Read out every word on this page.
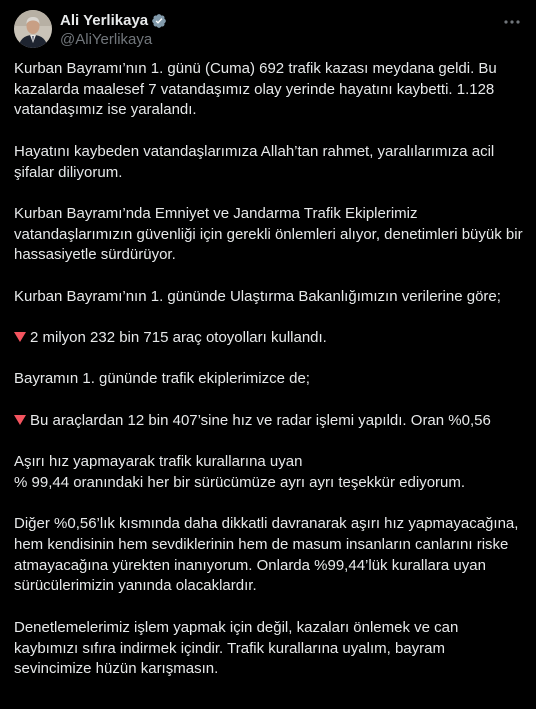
Ali Yerlikaya
@AliYerlikaya

Kurban Bayramı’nın 1. günü (Cuma) 692 trafik kazası meydana geldi. Bu kazalarda maalesef 7 vatandaşımız olay yerinde hayatını kaybetti. 1.128 vatandaşımız ise yaralandı.

Hayatını kaybeden vatandaşlarımıza Allah’tan rahmet, yaralılarımıza acil şifalar diliyorum.

Kurban Bayramı’nda Emniyet ve Jandarma Trafik Ekiplerimiz vatandaşlarımızın güvenliği için gerekli önlemleri alıyor, denetimleri büyük bir hassasiyetle sürdürüyor.

Kurban Bayramı’nın 1. gününde Ulaştırma Bakanlığımızın verilerine göre;

2 milyon 232 bin 715 araç otoyolları kullandı.

Bayramın 1. gününde trafik ekiplerimizce de;

Bu araçlardan 12 bin 407’sine hız ve radar işlemi yapıldı. Oran %0,56

Aşırı hız yapmayarak trafik kurallarına uyan
% 99,44 oranındaki her bir sürücümüze ayrı ayrı teşekkür ediyorum.

Diğer %0,56’lık kısmında daha dikkatli davranarak aşırı hız yapmayacağına, hem kendisinin hem sevdiklerinin hem de masum insanların canlarını riske atmayacağına yürekten inanıyorum. Onlarda %99,44’lük kurallara uyan sürücülerimizin yanında olacaklardır.

Denetlemelerimiz işlem yapmak için değil, kazaları önlemek ve can kaybımızı sıfıra indirmek içindir. Trafik kurallarına uyalım, bayram sevincimize hüzün karışmasın.
